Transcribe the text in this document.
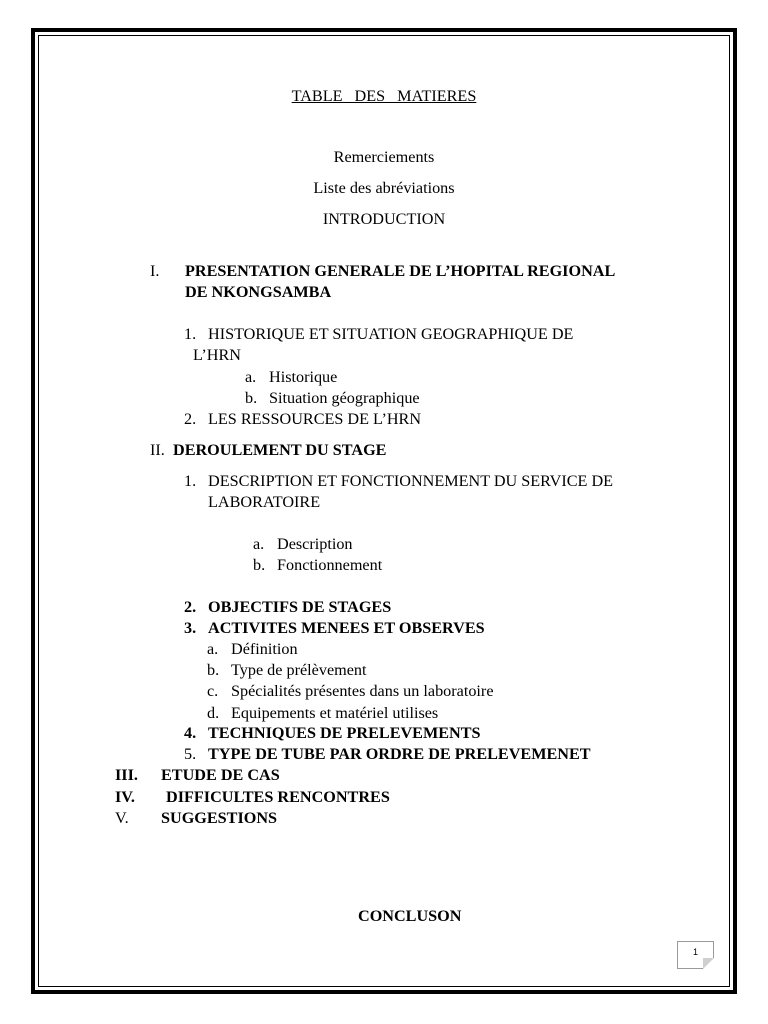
TABLE DES MATIERES
Remerciements
Liste des abréviations
INTRODUCTION
I. PRESENTATION GENERALE DE L’HOPITAL REGIONAL
DE NKONGSAMBA
1. HISTORIQUE ET SITUATION GEOGRAPHIQUE DE
L’HRN
a. Historique
b. Situation géographique
2. LES RESSOURCES DE L’HRN
II. DEROULEMENT DU STAGE
1. DESCRIPTION ET FONCTIONNEMENT DU SERVICE DE
LABORATOIRE
a. Description
b. Fonctionnement
2. OBJECTIFS DE STAGES
3. ACTIVITES MENEES ET OBSERVES
a. Définition
b. Type de prélèvement
c. Spécialités présentes dans un laboratoire
d. Equipements et matériel utilises
4. TECHNIQUES DE PRELEVEMENTS
5. TYPE DE TUBE PAR ORDRE DE PRELEVEMENET
III. ETUDE DE CAS
IV. DIFFICULTES RENCONTRES
V. SUGGESTIONS
CONCLUSON
1
